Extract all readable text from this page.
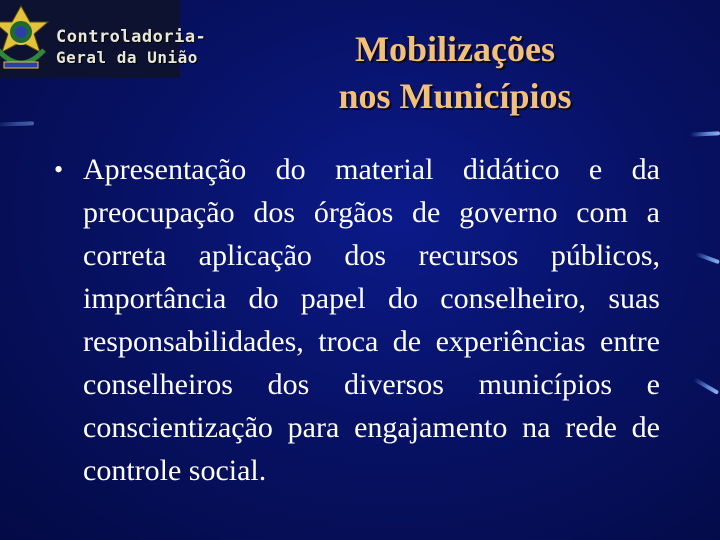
Controladoria-
Geral da União	Mobilizações
nos Municípios
• Apresentação do material didático e da preocupação dos órgãos de governo com a correta aplicação dos recursos públicos, importância do papel do conselheiro, suas responsabilidades, troca de experiências entre conselheiros dos diversos municípios e conscientização para engajamento na rede de controle social.
